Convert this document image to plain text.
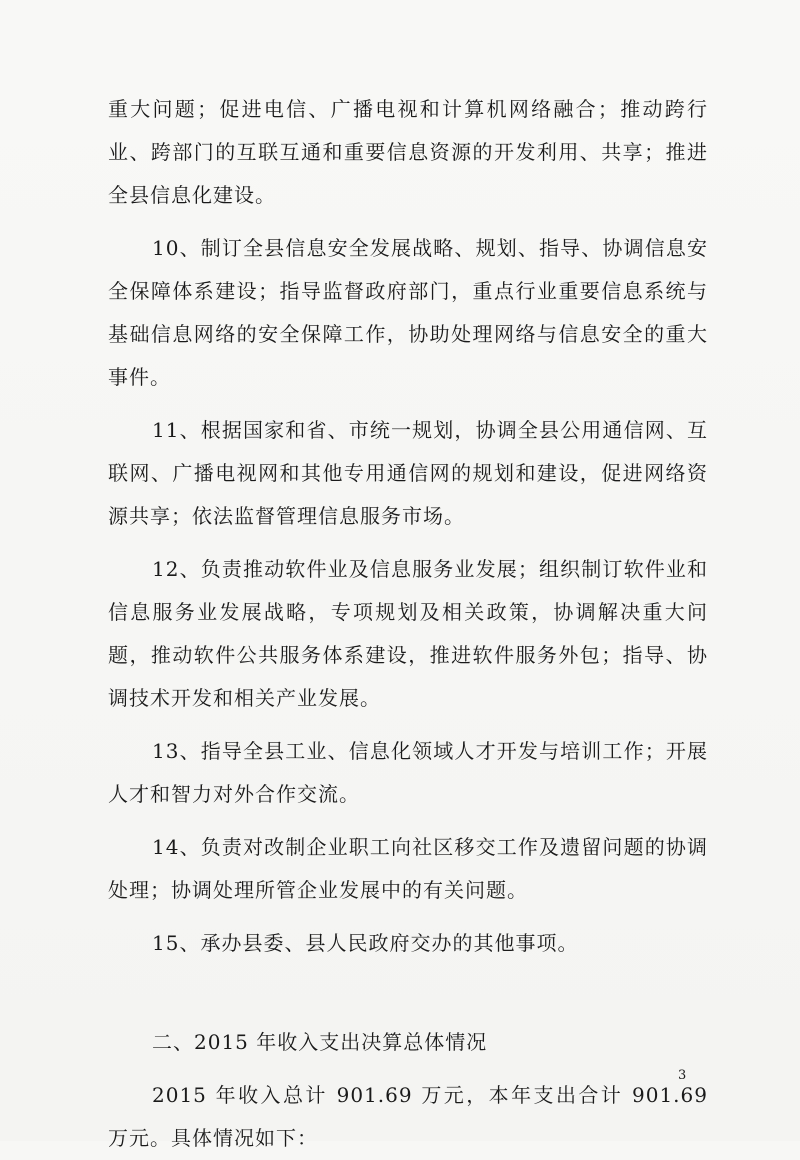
重大问题；促进电信、广播电视和计算机网络融合；推动跨行业、跨部门的互联互通和重要信息资源的开发利用、共享；推进全县信息化建设。

10、制订全县信息安全发展战略、规划、指导、协调信息安全保障体系建设；指导监督政府部门，重点行业重要信息系统与基础信息网络的安全保障工作，协助处理网络与信息安全的重大事件。

11、根据国家和省、市统一规划，协调全县公用通信网、互联网、广播电视网和其他专用通信网的规划和建设，促进网络资源共享；依法监督管理信息服务市场。

12、负责推动软件业及信息服务业发展；组织制订软件业和信息服务业发展战略，专项规划及相关政策，协调解决重大问题，推动软件公共服务体系建设，推进软件服务外包；指导、协调技术开发和相关产业发展。

13、指导全县工业、信息化领域人才开发与培训工作；开展人才和智力对外合作交流。

14、负责对改制企业职工向社区移交工作及遗留问题的协调处理；协调处理所管企业发展中的有关问题。

15、承办县委、县人民政府交办的其他事项。

二、2015 年收入支出决算总体情况

2015 年收入总计 901.69 万元，本年支出合计 901.69 万元。具体情况如下：

3
